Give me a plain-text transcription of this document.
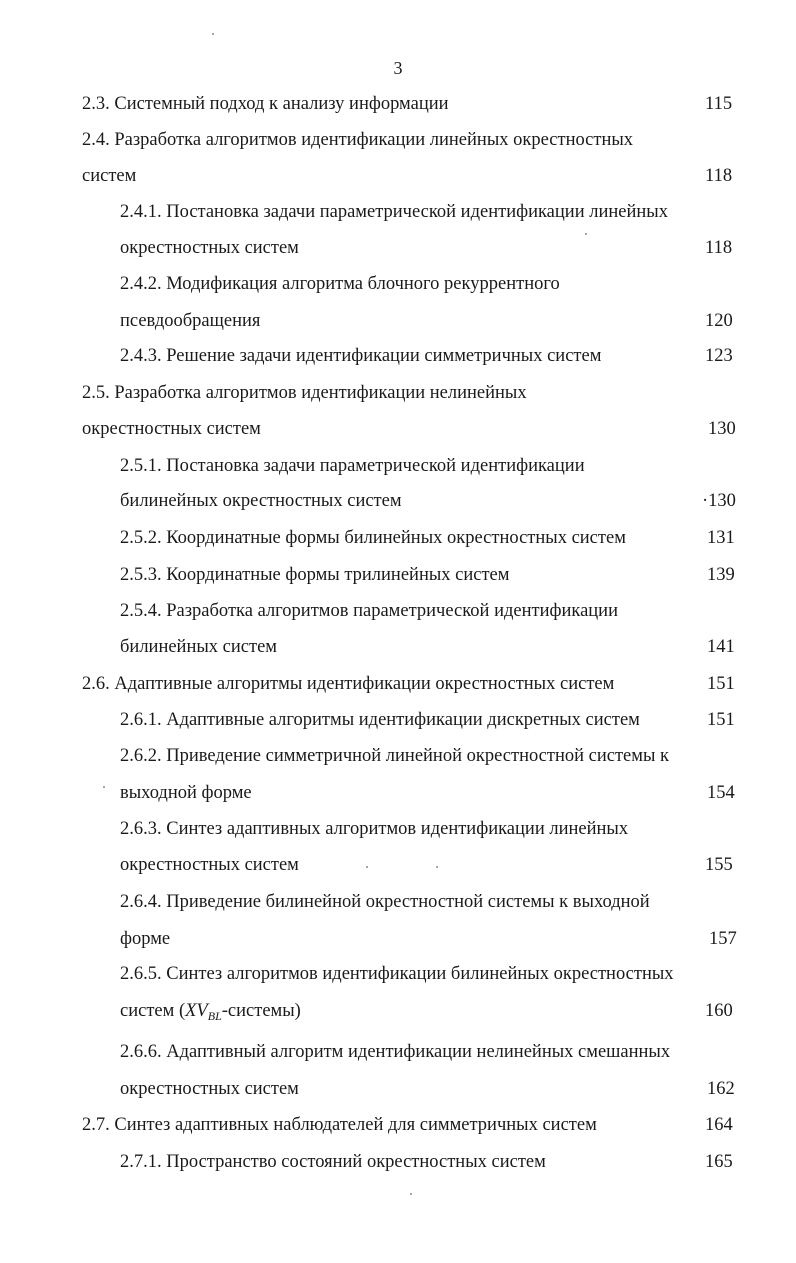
3
2.3. Системный подход к анализу информации	115
2.4. Разработка алгоритмов идентификации линейных окрестностных
систем	118
2.4.1. Постановка задачи параметрической идентификации линейных
окрестностных систем	118
2.4.2. Модификация алгоритма блочного рекуррентного
псевдообращения	120
2.4.3. Решение задачи идентификации симметричных систем	123
2.5. Разработка алгоритмов идентификации нелинейных
окрестностных систем	130
2.5.1. Постановка задачи параметрической идентификации
билинейных окрестностных систем	·130
2.5.2. Координатные формы билинейных окрестностных систем	131
2.5.3. Координатные формы трилинейных систем	139
2.5.4. Разработка алгоритмов параметрической идентификации
билинейных систем	141
2.6. Адаптивные алгоритмы идентификации окрестностных систем	151
2.6.1. Адаптивные алгоритмы идентификации дискретных систем	151
2.6.2. Приведение симметричной линейной окрестностной системы к
выходной форме	154
2.6.3. Синтез адаптивных алгоритмов идентификации линейных
окрестностных систем	155
2.6.4. Приведение билинейной окрестностной системы к выходной
форме	157
2.6.5. Синтез алгоритмов идентификации билинейных окрестностных
систем $(XV_{BL}-системы)$	160
2.6.6. Адаптивный алгоритм идентификации нелинейных смешанных
окрестностных систем	162
2.7. Синтез адаптивных наблюдателей для симметричных систем	164
2.7.1. Пространство состояний окрестностных систем	165
